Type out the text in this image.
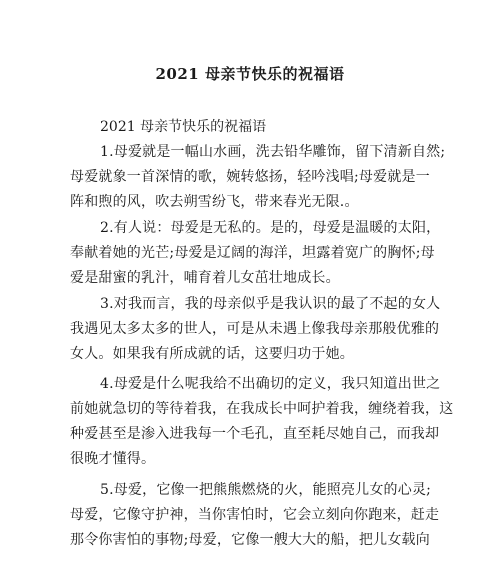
2021 母亲节快乐的祝福语
2021 母亲节快乐的祝福语
1.母爱就是一幅山水画，洗去铅华雕饰，留下清新自然;
母爱就象一首深情的歌，婉转悠扬，轻吟浅唱;母爱就是一
阵和煦的风，吹去朔雪纷飞，带来春光无限.。
2.有人说：母爱是无私的。是的，母爱是温暖的太阳，
奉献着她的光芒;母爱是辽阔的海洋，坦露着宽广的胸怀;母
爱是甜蜜的乳汁，哺育着儿女茁壮地成长。
3.对我而言，我的母亲似乎是我认识的最了不起的女人
我遇见太多太多的世人，可是从未遇上像我母亲那般优雅的
女人。如果我有所成就的话，这要归功于她。
4.母爱是什么呢我给不出确切的定义，我只知道出世之
前她就急切的等待着我，在我成长中呵护着我，缠绕着我，这
种爱甚至是渗入进我每一个毛孔，直至耗尽她自己，而我却
很晚才懂得。
5.母爱，它像一把熊熊燃烧的火，能照亮儿女的心灵;
母爱，它像守护神，当你害怕时，它会立刻向你跑来，赶走
那令你害怕的事物;母爱，它像一艘大大的船，把儿女载向
